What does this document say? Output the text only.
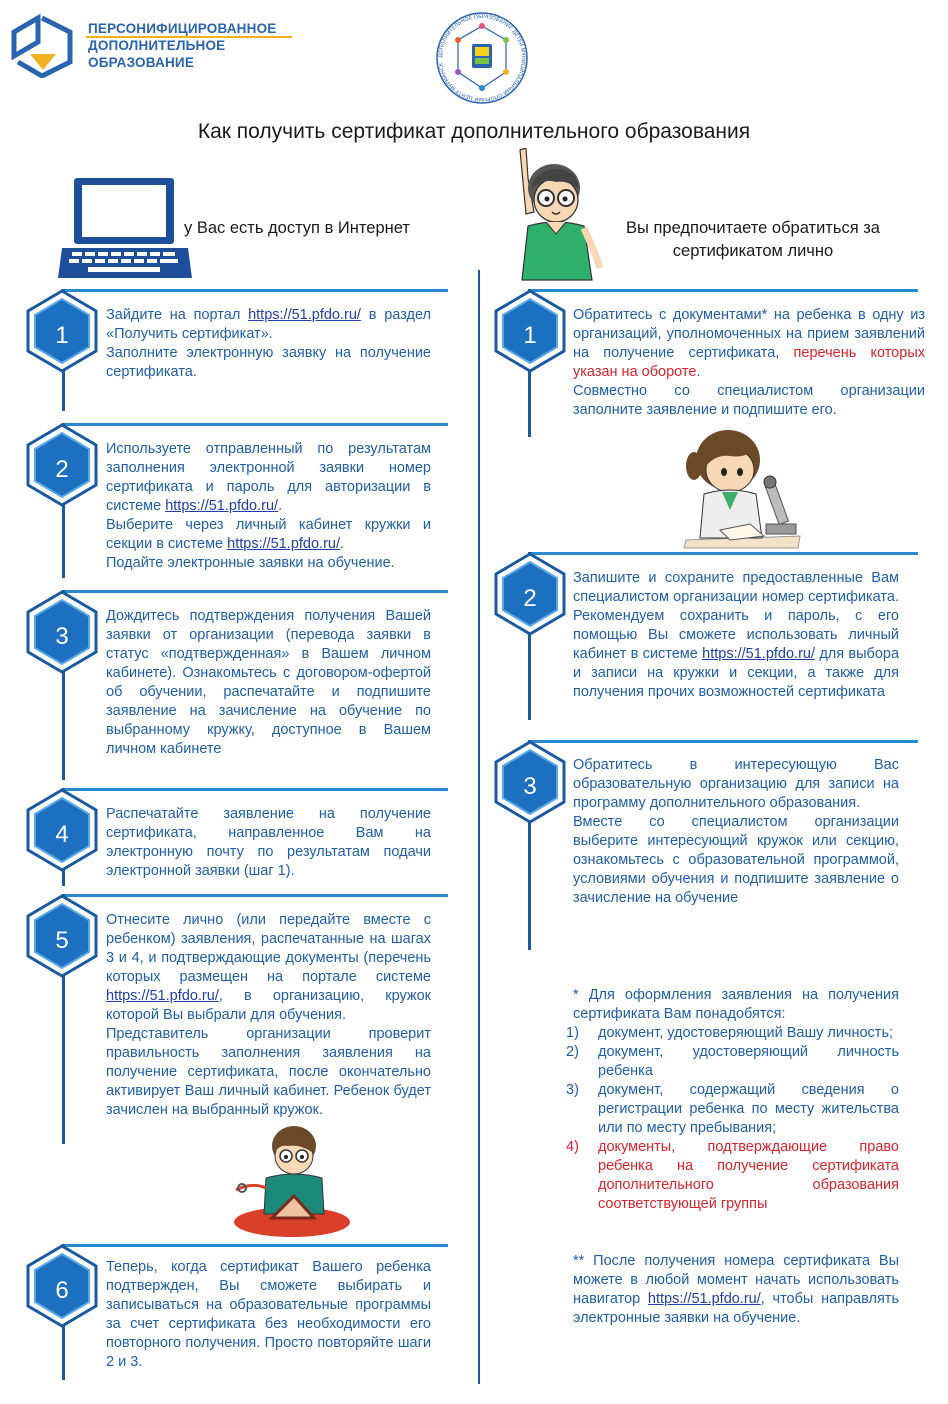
ПЕРСОНИФИЦИРОВАННОЕ
ДОПОЛНИТЕЛЬНОЕ
ОБРАЗОВАНИЕ	ДОПОЛНИТЕЛЬНОЕ ОБРАЗОВАНИЕ ДЕТЕЙ МУНИЦИПАЛЬНЫЙ ОПОРНЫЙ ЦЕНТР МУРМАНСК
Как получить сертификат дополнительного образования
у Вас есть доступ в Интернет	Вы предпочитаете обратиться за сертификатом лично
1
Зайдите на портал https://51.pfdo.ru/ в раздел «Получить сертификат».
Заполните электронную заявку на получение сертификата.
2
Используете отправленный по результатам заполнения электронной заявки номер сертификата и пароль для авторизации в системе https://51.pfdo.ru/.
Выберите через личный кабинет кружки и секции в системе https://51.pfdo.ru/.
Подайте электронные заявки на обучение.
3
Дождитесь подтверждения получения Вашей заявки от организации (перевода заявки в статус «подтвержденная» в Вашем личном кабинете). Ознакомьтесь с договором-офертой об обучении, распечатайте и подпишите заявление на зачисление на обучение по выбранному кружку, доступное в Вашем личном кабинете
4
Распечатайте заявление на получение сертификата, направленное Вам на электронную почту по результатам подачи электронной заявки (шаг 1).
5
Отнесите лично (или передайте вместе с ребенком) заявления, распечатанные на шагах 3 и 4, и подтверждающие документы (перечень которых размещен на портале системе https://51.pfdo.ru/, в организацию, кружок которой Вы выбрали для обучения.
Представитель организации проверит правильность заполнения заявления на получение сертификата, после окончательно активирует Ваш личный кабинет. Ребенок будет зачислен на выбранный кружок.
6
Теперь, когда сертификат Вашего ребенка подтвержден, Вы сможете выбирать и записываться на образовательные программы за счет сертификата без необходимости его повторного получения. Просто повторяйте шаги 2 и 3.
1
Обратитесь с документами* на ребенка в одну из организаций, уполномоченных на прием заявлений на получение сертификата, перечень которых указан на обороте.
Совместно со специалистом организации заполните заявление и подпишите его.
2
Запишите и сохраните предоставленные Вам специалистом организации номер сертификата. Рекомендуем сохранить и пароль, с его помощью Вы сможете использовать личный кабинет в системе https://51.pfdo.ru/ для выбора и записи на кружки и секции, а также для получения прочих возможностей сертификата
3
Обратитесь в интересующую Вас образовательную организацию для записи на программу дополнительного образования.
Вместе со специалистом организации выберите интересующий кружок или секцию, ознакомьтесь с образовательной программой, условиями обучения и подпишите заявление о зачисление на обучение
* Для оформления заявления на получения сертификата Вам понадобятся:
1)	документ, удостоверяющий Вашу личность;
2)	документ, удостоверяющий личность ребенка
3)	документ, содержащий сведения о регистрации ребенка по месту жительства или по месту пребывания;
4)	документы, подтверждающие право ребенка на получение сертификата дополнительного образования соответствующей группы
** После получения номера сертификата Вы можете в любой момент начать использовать навигатор https://51.pfdo.ru/, чтобы направлять электронные заявки на обучение.
